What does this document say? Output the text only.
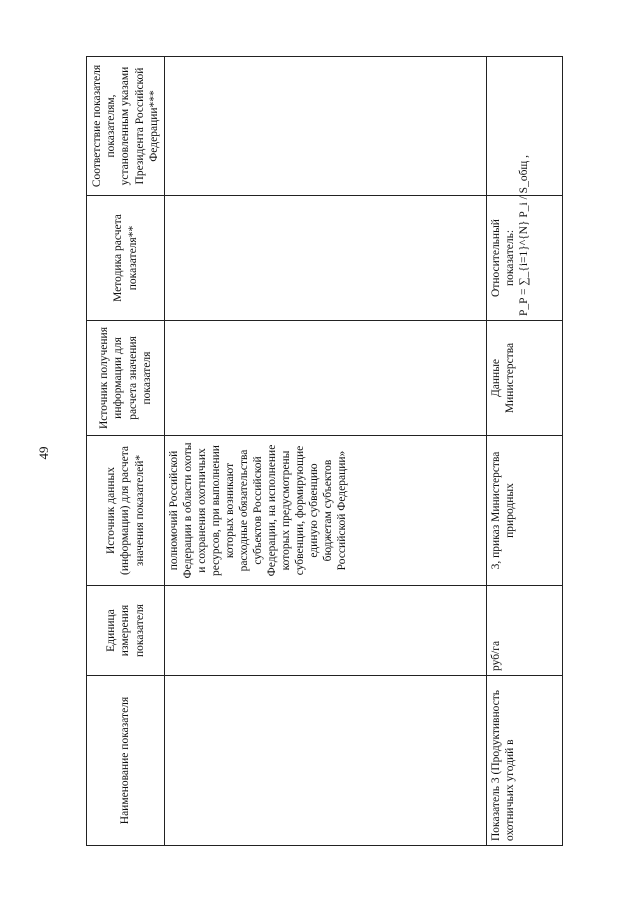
49
Наименование показателя	Единица измерения показателя	Источник данных (информации) для расчета значения показателей*	Источник получения информации для расчета значения показателя	Методика расчета показателя**	Соответствие показателя показателям, установленным указами Президента Российской Федерации***
		полномочий Российской Федерации в области охоты и сохранения охотничьих ресурсов, при выполнении которых возникают расходные обязательства субъектов Российской Федерации, на исполнение которых предусмотрены субвенции, формирующие единую субвенцию бюджетам субъектов Российской Федерации»			
Показатель 3 (Продуктивность охотничьих угодий в	руб/га	3, приказ Министерства природных	Данные Министерства	Относительный показатель: P_P = ∑_{i=1}^{N} P_i / S_общ ,	
